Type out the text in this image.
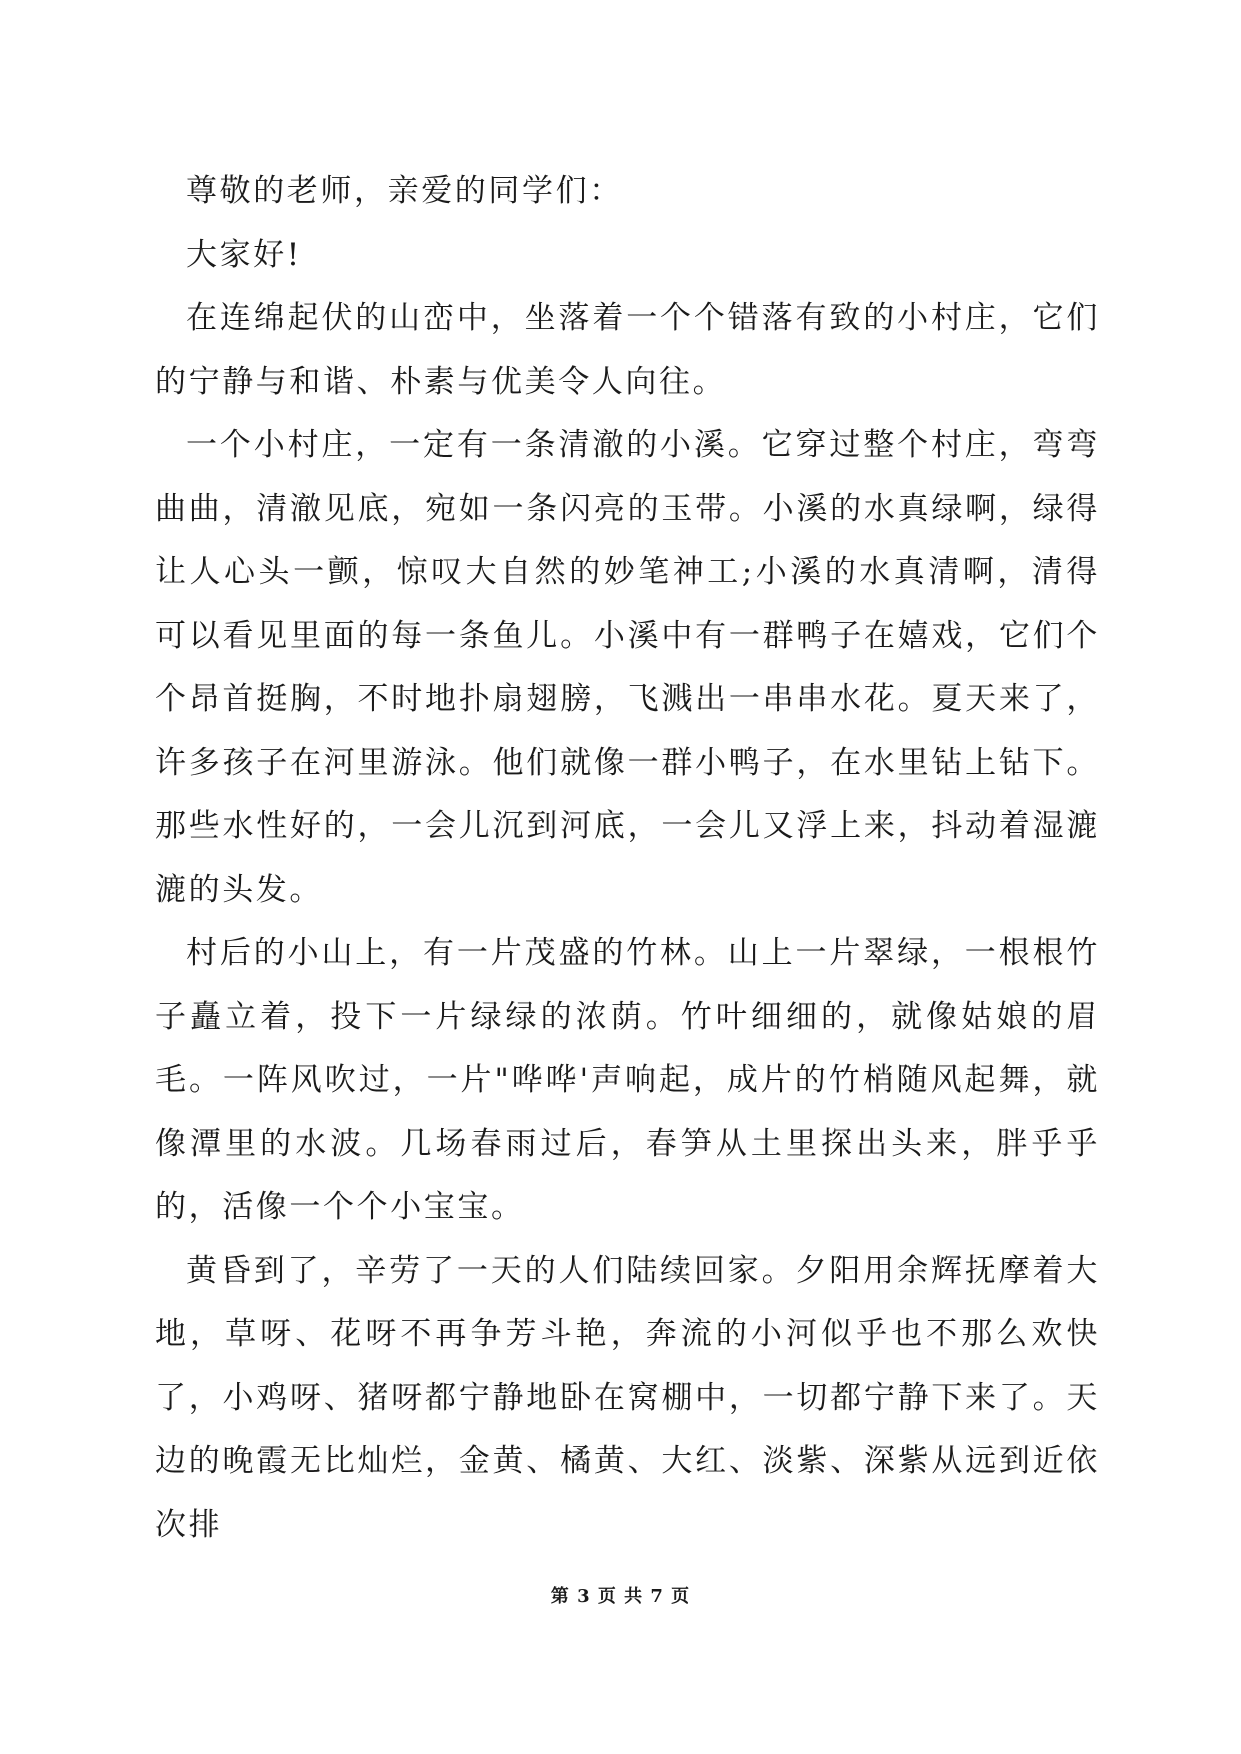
尊敬的老师，亲爱的同学们：

大家好!

在连绵起伏的山峦中，坐落着一个个错落有致的小村庄，它们的宁静与和谐、朴素与优美令人向往。

一个小村庄，一定有一条清澈的小溪。它穿过整个村庄，弯弯曲曲，清澈见底，宛如一条闪亮的玉带。小溪的水真绿啊，绿得让人心头一颤，惊叹大自然的妙笔神工;小溪的水真清啊，清得可以看见里面的每一条鱼儿。小溪中有一群鸭子在嬉戏，它们个个昂首挺胸，不时地扑扇翅膀，飞溅出一串串水花。夏天来了，许多孩子在河里游泳。他们就像一群小鸭子，在水里钻上钻下。那些水性好的，一会儿沉到河底，一会儿又浮上来，抖动着湿漉漉的头发。

村后的小山上，有一片茂盛的竹林。山上一片翠绿，一根根竹子矗立着，投下一片绿绿的浓荫。竹叶细细的，就像姑娘的眉毛。一阵风吹过，一片"哗哗'声响起，成片的竹梢随风起舞，就像潭里的水波。几场春雨过后，春笋从土里探出头来，胖乎乎的，活像一个个小宝宝。

黄昏到了，辛劳了一天的人们陆续回家。夕阳用余辉抚摩着大地，草呀、花呀不再争芳斗艳，奔流的小河似乎也不那么欢快了，小鸡呀、猪呀都宁静地卧在窝棚中，一切都宁静下来了。天边的晚霞无比灿烂，金黄、橘黄、大红、淡紫、深紫从远到近依次排

第 3 页 共 7 页
